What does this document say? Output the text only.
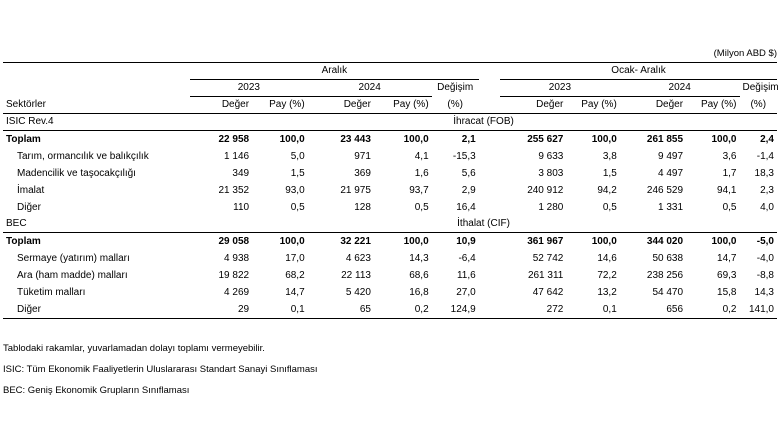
(Milyon ABD $)
	Aralık						Ocak- Aralık				
	2023		2024		Değişim		2023		2024		Değişim
Sektörler	Değer	Pay (%)	Değer	Pay (%)	(%)		Değer	Pay (%)	Değer	Pay (%)	(%)
ISIC Rev.4	İhracat (FOB)										
Toplam	22 958	100,0	23 443	100,0	2,1		255 627	100,0	261 855	100,0	2,4
Tarım, ormancılık ve balıkçılık	1 146	5,0	971	4,1	-15,3		9 633	3,8	9 497	3,6	-1,4
Madencilik ve taşocakçılığı	349	1,5	369	1,6	5,6		3 803	1,5	4 497	1,7	18,3
İmalat	21 352	93,0	21 975	93,7	2,9		240 912	94,2	246 529	94,1	2,3
Diğer	110	0,5	128	0,5	16,4		1 280	0,5	1 331	0,5	4,0
BEC	İthalat (CIF)										
Toplam	29 058	100,0	32 221	100,0	10,9		361 967	100,0	344 020	100,0	-5,0
Sermaye (yatırım) malları	4 938	17,0	4 623	14,3	-6,4		52 742	14,6	50 638	14,7	-4,0
Ara (ham madde) malları	19 822	68,2	22 113	68,6	11,6		261 311	72,2	238 256	69,3	-8,8
Tüketim malları	4 269	14,7	5 420	16,8	27,0		47 642	13,2	54 470	15,8	14,3
Diğer	29	0,1	65	0,2	124,9		272	0,1	656	0,2	141,0
Tablodaki rakamlar, yuvarlamadan dolayı toplamı vermeyebilir.
ISIC: Tüm Ekonomik Faaliyetlerin Uluslararası Standart Sanayi Sınıflaması
BEC: Geniş Ekonomik Grupların Sınıflaması
